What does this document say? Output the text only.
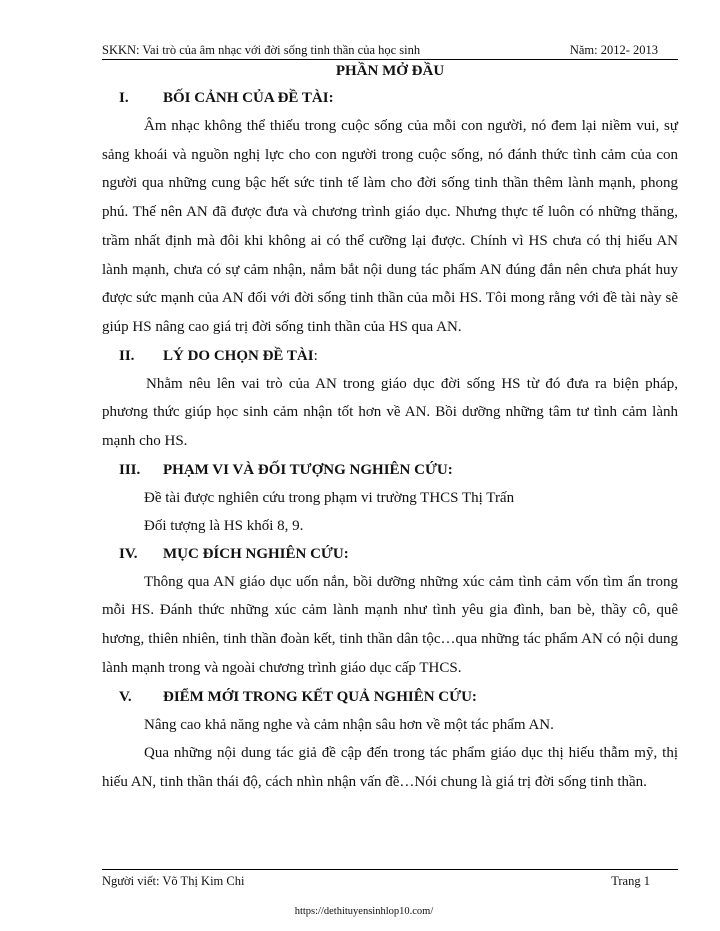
SKKN: Vai trò của âm nhạc với đời sống tinh thần của học sinh	Năm: 2012- 2013
PHẦN MỞ ĐẦU
I. BỐI CẢNH CỦA ĐỀ TÀI:

Âm nhạc không thể thiếu trong cuộc sống của mỗi con người, nó đem lại niềm vui, sự sảng khoái và nguồn nghị lực cho con người trong cuộc sống, nó đánh thức tình cảm của con người qua những cung bậc hết sức tinh tế làm cho đời sống tinh thần thêm lành mạnh, phong phú. Thế nên AN đã được đưa và chương trình giáo dục. Nhưng thực tế luôn có những thăng, trầm nhất định mà đôi khi không ai có thể cưỡng lại được. Chính vì HS chưa có thị hiếu AN lành mạnh, chưa có sự cảm nhận, nắm bắt nội dung tác phẩm AN đúng đắn nên chưa phát huy được sức mạnh của AN đối với đời sống tinh thần của mỗi HS. Tôi mong rằng với đề tài này sẽ giúp HS nâng cao giá trị đời sống tinh thần của HS qua AN.

II. LÝ DO CHỌN ĐỀ TÀI:

Nhằm nêu lên vai trò của AN trong giáo dục đời sống HS từ đó đưa ra biện pháp, phương thức giúp học sinh cảm nhận tốt hơn về AN. Bồi dưỡng những tâm tư tình cảm lành mạnh cho HS.

III. PHẠM VI VÀ ĐỐI TƯỢNG NGHIÊN CỨU:
Đề tài được nghiên cứu trong phạm vi trường THCS Thị Trấn
Đối tượng là HS khối 8, 9.
IV. MỤC ĐÍCH NGHIÊN CỨU:

Thông qua AN giáo dục uốn nắn, bồi dưỡng những xúc cảm tình cảm vốn tìm ẩn trong mỗi HS. Đánh thức những xúc cảm lành mạnh như tình yêu gia đình, ban bè, thầy cô, quê hương, thiên nhiên, tinh thần đoàn kết, tinh thần dân tộc…qua những tác phẩm AN có nội dung lành mạnh trong và ngoài chương trình giáo dục cấp THCS.

V. ĐIỂM MỚI TRONG KẾT QUẢ NGHIÊN CỨU:

Nâng cao khả năng nghe và cảm nhận sâu hơn về một tác phẩm AN.

Qua những nội dung tác giả đề cập đến trong tác phẩm giáo dục thị hiếu thẫm mỹ, thị hiếu AN, tinh thần thái độ, cách nhìn nhận vấn đề…Nói chung là giá trị đời sống tinh thần.

Người viết: Võ Thị Kim Chi	Trang 1
https://dethituyensinhlop10.com/
